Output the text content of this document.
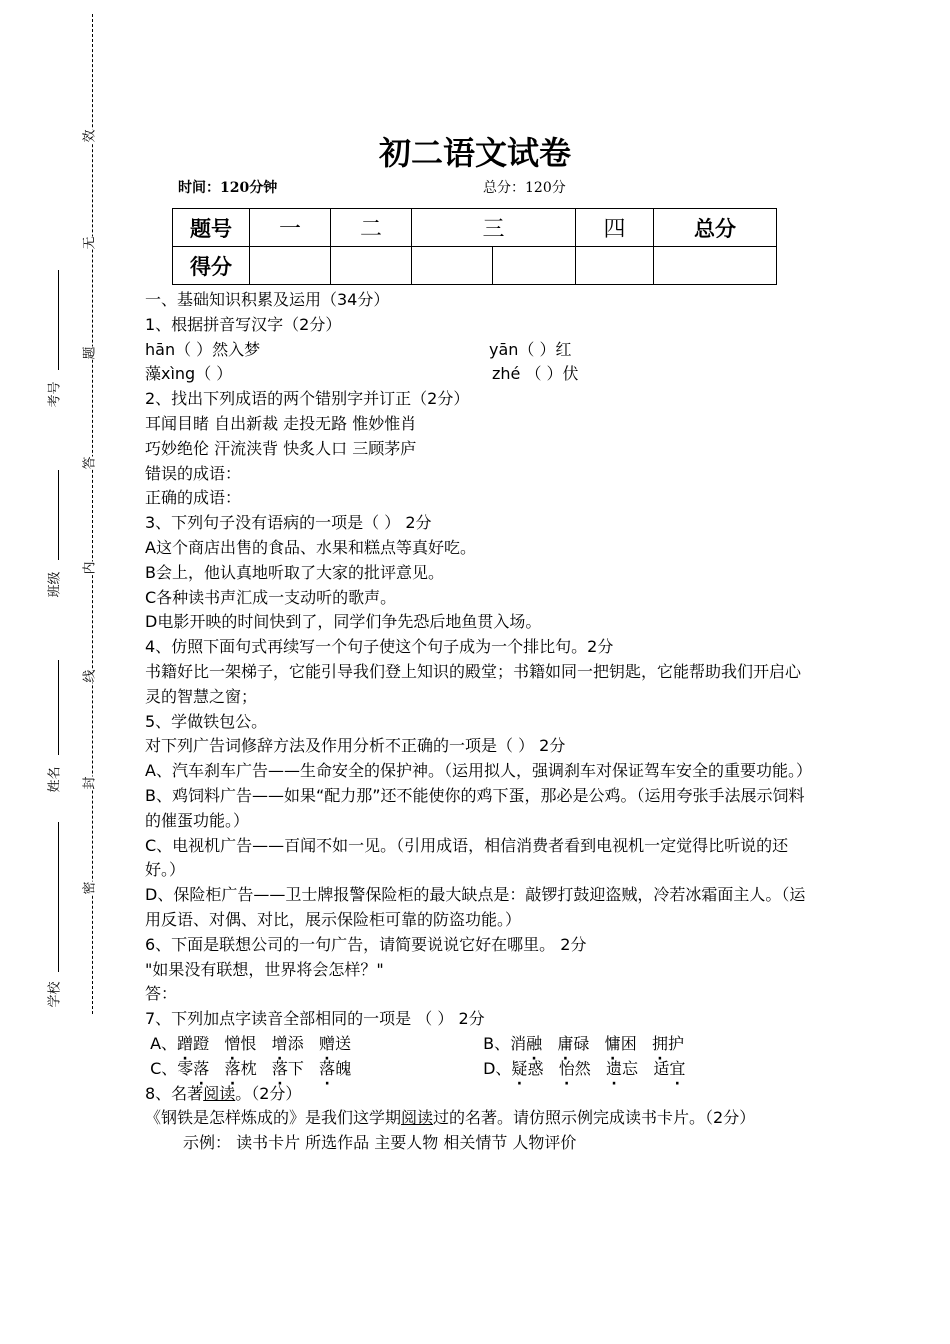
效
无
题
答
内
线
封
密
考号
班级
姓名
学校
初二语文试卷
时间：120分钟	总分：120分
题号	一	二	三		四	总分
得分						
一、基础知识积累及运用（34分）
1、根据拼音写汉字（2分）
hān（ ）然入梦	yān（ ）红
藻xìng（ ）	zhé （ ）伏
2、找出下列成语的两个错别字并订正（2分）
耳闻目睹 自出新裁 走投无路 惟妙惟肖
巧妙绝伦 汗流浃背 快炙人口 三顾茅庐
错误的成语：
正确的成语：
3、下列句子没有语病的一项是（ ） 2分
A这个商店出售的食品、水果和糕点等真好吃。
B会上，他认真地听取了大家的批评意见。
C各种读书声汇成一支动听的歌声。
D电影开映的时间快到了，同学们争先恐后地鱼贯入场。
4、仿照下面句式再续写一个句子使这个句子成为一个排比句。2分
书籍好比一架梯子，它能引导我们登上知识的殿堂；书籍如同一把钥匙，它能帮助我们开启心灵的智慧之窗；
5、学做铁包公。
对下列广告词修辞方法及作用分析不正确的一项是（ ） 2分
A、汽车刹车广告——生命安全的保护神。（运用拟人，强调刹车对保证驾车安全的重要功能。）
B、鸡饲料广告——如果“配力那”还不能使你的鸡下蛋，那必是公鸡。（运用夸张手法展示饲料的催蛋功能。）
C、电视机广告——百闻不如一见。（引用成语，相信消费者看到电视机一定觉得比听说的还好。）
D、保险柜广告——卫士牌报警保险柜的最大缺点是：敲锣打鼓迎盗贼，冷若冰霜面主人。（运用反语、对偶、对比，展示保险柜可靠的防盗功能。）
6、下面是联想公司的一句广告，请简要说说它好在哪里。 2分
"如果没有联想，世界将会怎样？"
答：
7、下列加点字读音全部相同的一项是 （ ） 2分
A、蹭蹬 憎恨 增添 赠送	B、消融 庸碌 慵困 拥护
C、零落 落枕 落下 落魄	D、疑惑 怡然 遗忘 适宜
8、名著阅读。（2分）
《钢铁是怎样炼成的》是我们这学期阅读过的名著。请仿照示例完成读书卡片。（2分）
示例： 读书卡片 所选作品 主要人物 相关情节 人物评价
